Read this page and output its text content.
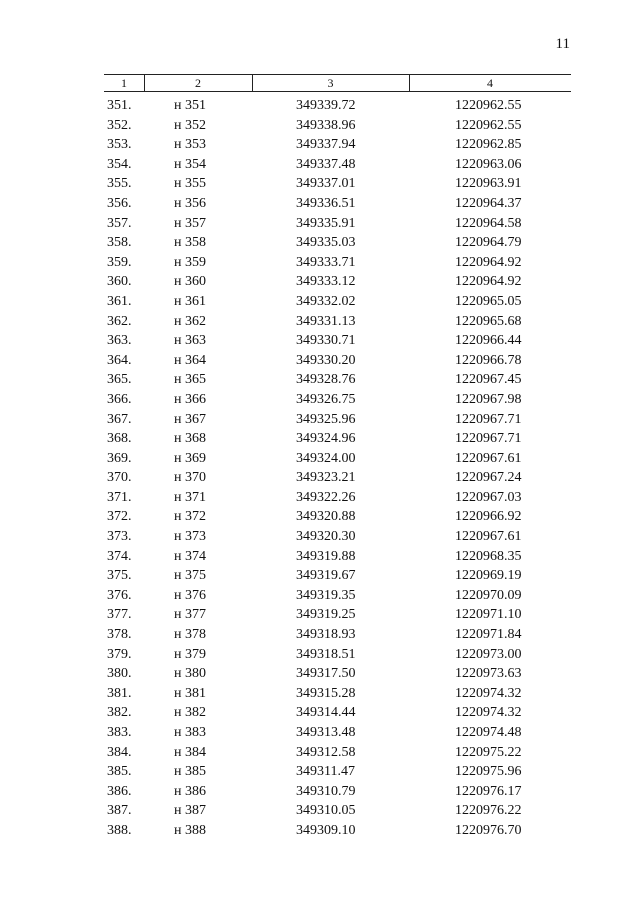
11
1	2	3	4
351.	н 351	349339.72	1220962.55
352.	н 352	349338.96	1220962.55
353.	н 353	349337.94	1220962.85
354.	н 354	349337.48	1220963.06
355.	н 355	349337.01	1220963.91
356.	н 356	349336.51	1220964.37
357.	н 357	349335.91	1220964.58
358.	н 358	349335.03	1220964.79
359.	н 359	349333.71	1220964.92
360.	н 360	349333.12	1220964.92
361.	н 361	349332.02	1220965.05
362.	н 362	349331.13	1220965.68
363.	н 363	349330.71	1220966.44
364.	н 364	349330.20	1220966.78
365.	н 365	349328.76	1220967.45
366.	н 366	349326.75	1220967.98
367.	н 367	349325.96	1220967.71
368.	н 368	349324.96	1220967.71
369.	н 369	349324.00	1220967.61
370.	н 370	349323.21	1220967.24
371.	н 371	349322.26	1220967.03
372.	н 372	349320.88	1220966.92
373.	н 373	349320.30	1220967.61
374.	н 374	349319.88	1220968.35
375.	н 375	349319.67	1220969.19
376.	н 376	349319.35	1220970.09
377.	н 377	349319.25	1220971.10
378.	н 378	349318.93	1220971.84
379.	н 379	349318.51	1220973.00
380.	н 380	349317.50	1220973.63
381.	н 381	349315.28	1220974.32
382.	н 382	349314.44	1220974.32
383.	н 383	349313.48	1220974.48
384.	н 384	349312.58	1220975.22
385.	н 385	349311.47	1220975.96
386.	н 386	349310.79	1220976.17
387.	н 387	349310.05	1220976.22
388.	н 388	349309.10	1220976.70
